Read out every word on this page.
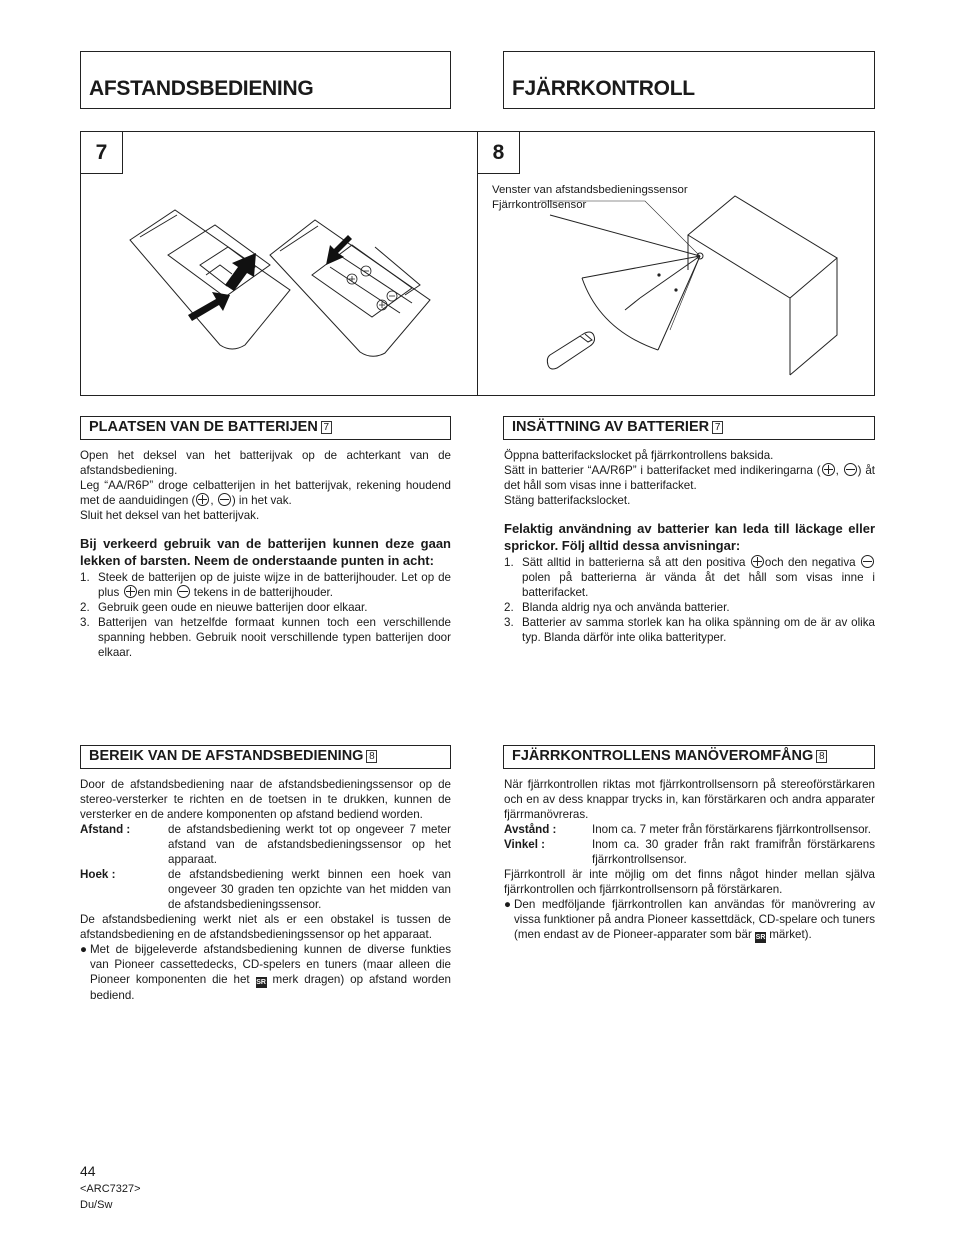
AFSTANDSBEDIENING	FJÄRRKONTROLL
7	8
Venster van afstandsbedieningssensor
Fjärrkontrollsensor
PLAATSEN VAN DE BATTERIJEN 7	INSÄTTNING AV BATTERIER 7

Open het deksel van het batterijvak op de achterkant van de afstandsbediening.

Leg “AA/R6P” droge celbatterijen in het batterijvak, rekening houdend met de aanduidingen ( , ) in het vak.

Sluit het deksel van het batterijvak.

Bij verkeerd gebruik van de batterijen kunnen deze gaan lekken of barsten. Neem de onderstaande punten in acht:

1. Steek de batterijen op de juiste wijze in de batterijhouder. Let op de plus en min  tekens in de batterijhouder.
2. Gebruik geen oude en nieuwe batterijen door elkaar.
3. Batterijen van hetzelfde formaat kunnen toch een verschillende spanning hebben. Gebruik nooit verschillende typen batterijen door elkaar.

Öppna batterifackslocket på fjärrkontrollens baksida.

Sätt in batterier “AA/R6P” i batterifacket med indikeringarna ( , ) åt det håll som visas inne i batterifacket.

Stäng batterifackslocket.

Felaktig användning av batterier kan leda till läckage eller sprickor. Följ alltid dessa anvisningar:

1. Sätt alltid in batterierna så att den positiva och den negativa  polen på batterierna är vända åt det håll som visas inne i batterifacket.
2. Blanda aldrig nya och använda batterier.
3. Batterier av samma storlek kan ha olika spänning om de är av olika typ. Blanda därför inte olika batterityper.
BEREIK VAN DE AFSTANDSBEDIENING 8	FJÄRRKONTROLLENS MANÖVEROMFÅNG 8

Door de afstandsbediening naar de afstandsbedieningssensor op de stereo-versterker te richten en de toetsen in te drukken, kunnen de versterker en de andere komponenten op afstand bediend worden.

Afstand :	de afstandsbediening werkt tot op ongeveer 7 meter afstand van de afstandsbedieningssensor op het apparaat.
Hoek :	de afstandsbediening werkt binnen een hoek van ongeveer 30 graden ten opzichte van het midden van de afstandsbedieningssensor.

De afstandsbediening werkt niet als er een obstakel is tussen de afstandsbediening en de afstandsbedieningssensor op het apparaat.

● Met de bijgeleverde afstandsbediening kunnen de diverse funkties van Pioneer cassettedecks, CD-spelers en tuners (maar alleen die Pioneer komponenten die het SR merk dragen) op afstand worden bediend.

När fjärrkontrollen riktas mot fjärrkontrollsensorn på stereoförstärkaren och en av dess knappar trycks in, kan förstärkaren och andra apparater fjärrmanövreras.

Avstånd :	Inom ca. 7 meter från förstärkarens fjärrkontrollsensor.
Vinkel :	Inom ca. 30 grader från rakt framifrån förstärkarens fjärrkontrollsensor.

Fjärrkontroll är inte möjlig om det finns något hinder mellan själva fjärrkontrollen och fjärrkontrollsensorn på förstärkaren.

● Den medföljande fjärrkontrollen kan användas för manövrering av vissa funktioner på andra Pioneer kassettdäck, CD-spelare och tuners (men endast av de Pioneer-apparater som bär SR märket).
44
<ARC7327>
Du/Sw
